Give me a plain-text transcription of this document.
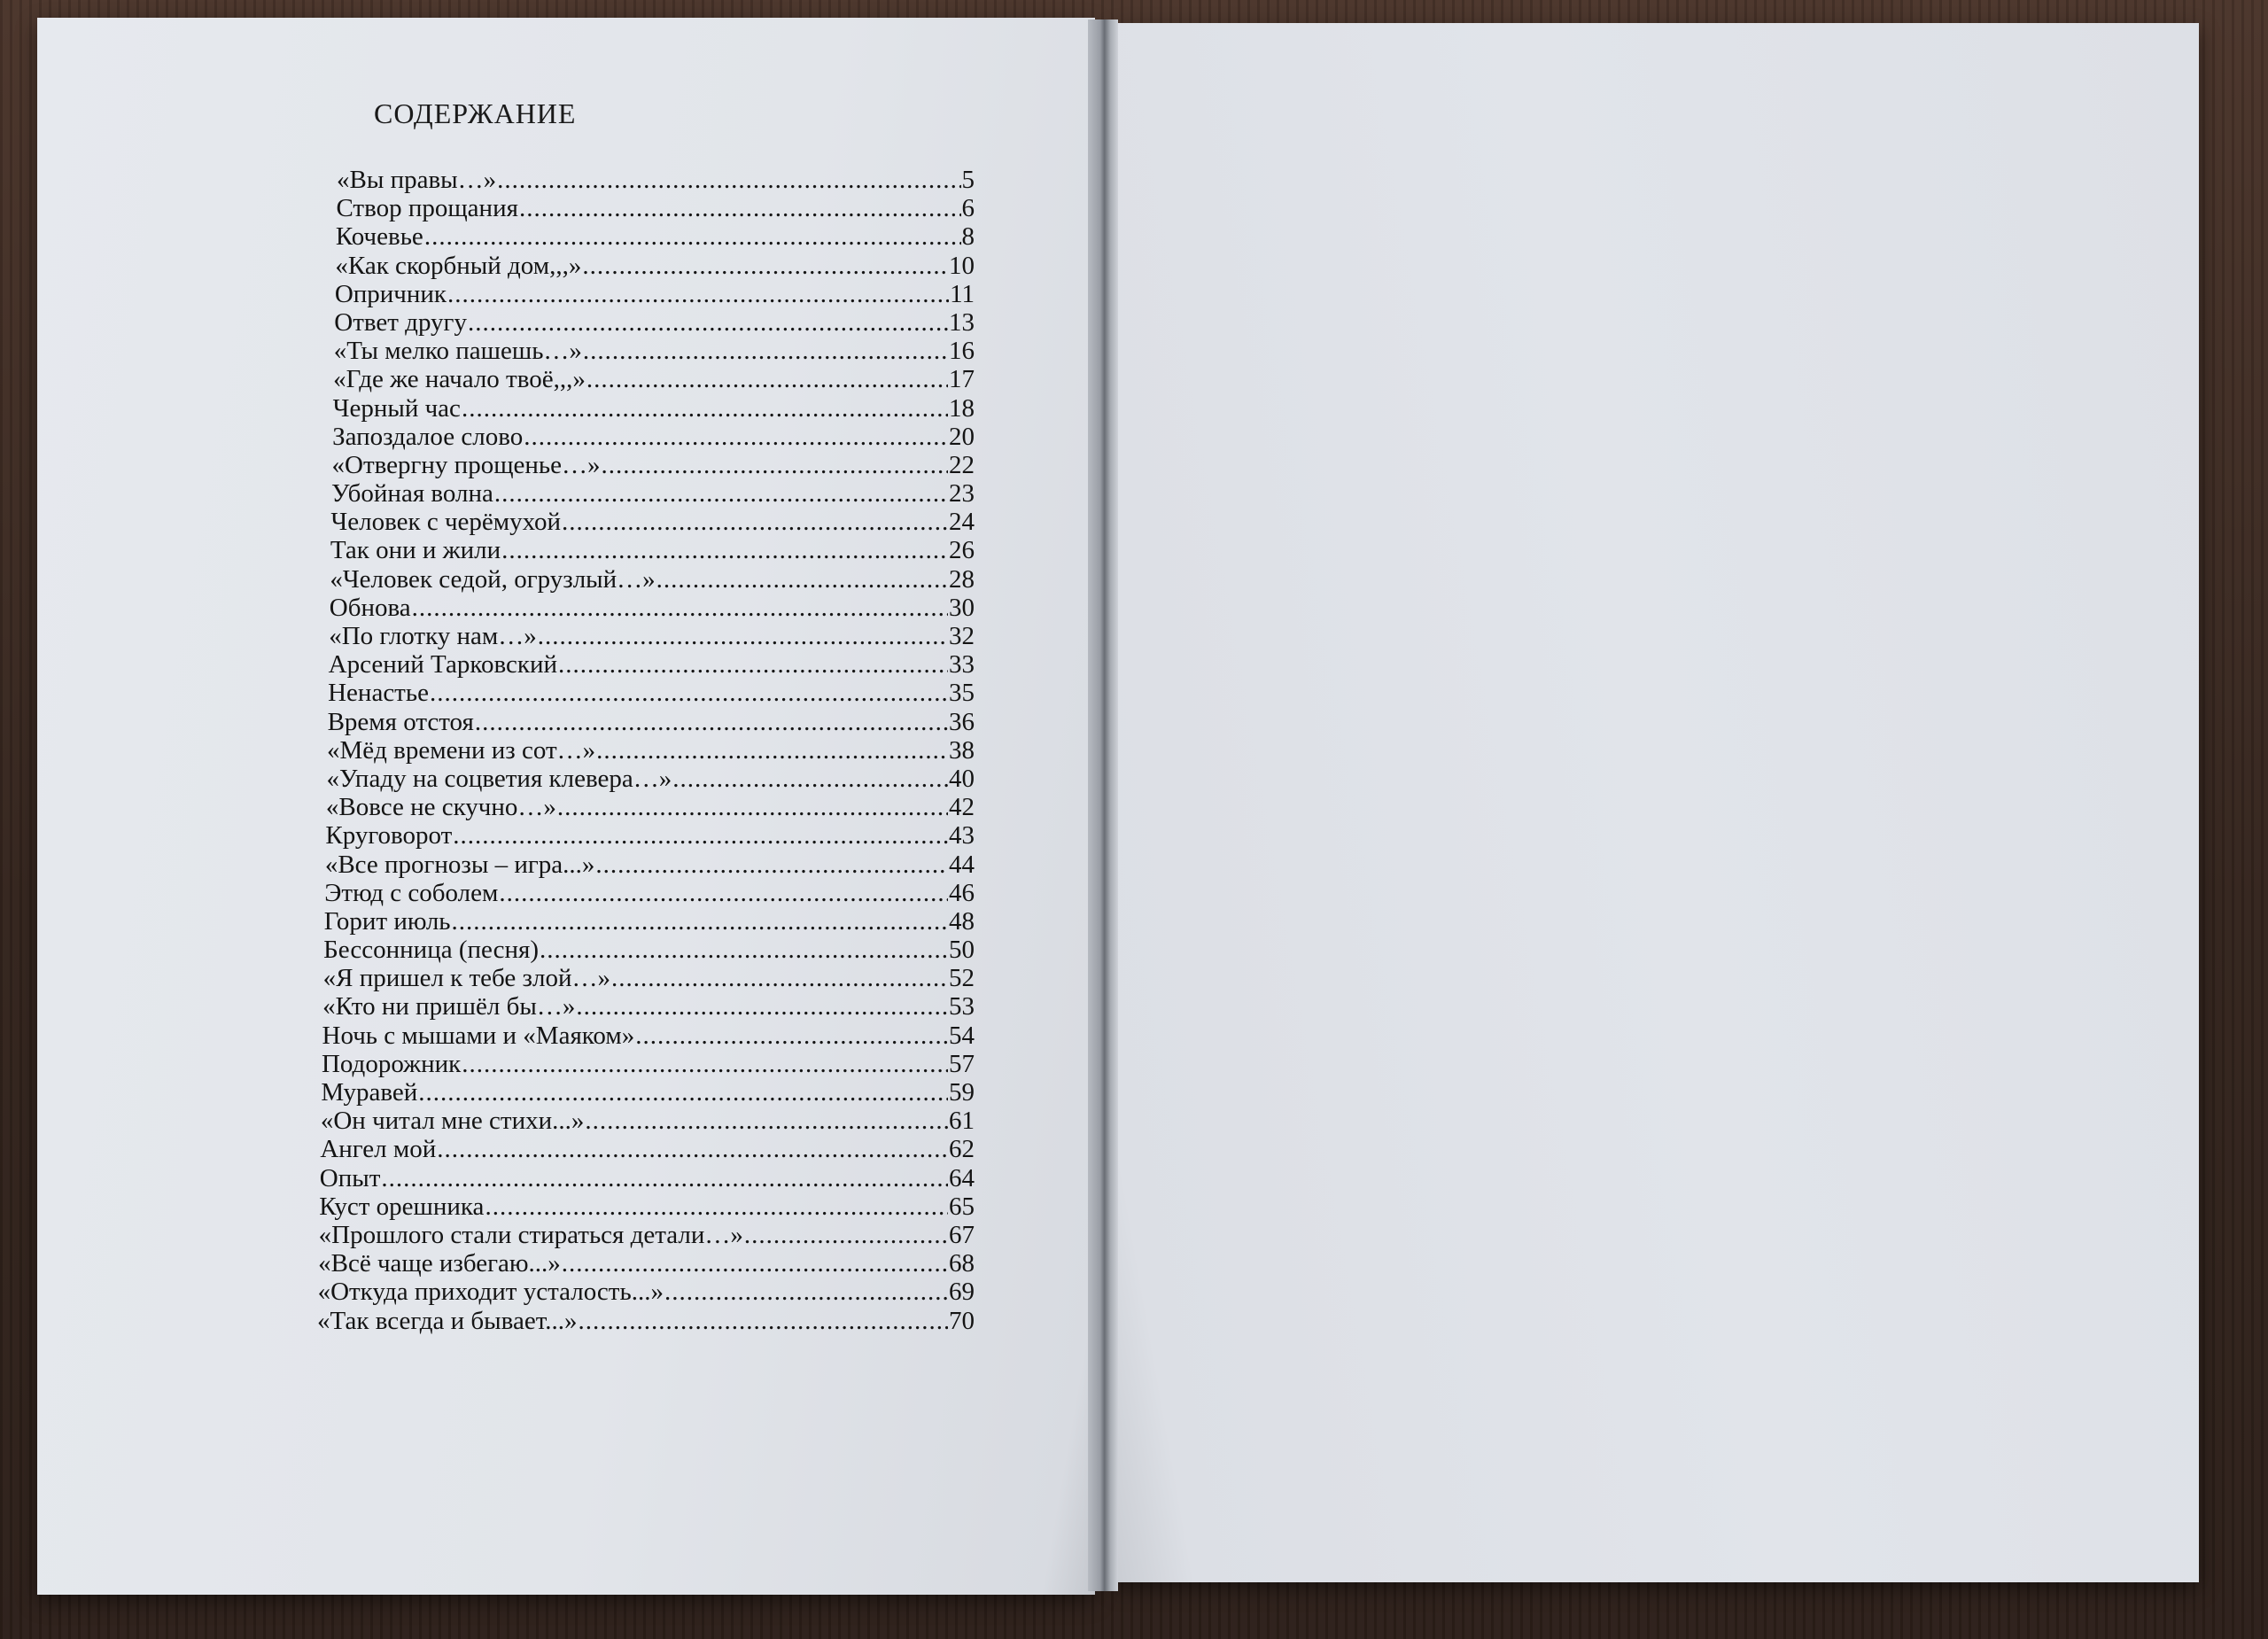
СОДЕРЖАНИЕ
«Вы правы…» .....	5
Створ прощания .....	6
Кочевье .....	8
«Как скорбный дом,,,» .....	10
Опричник .....	11
Ответ другу .....	13
«Ты мелко пашешь…» .....	16
«Где же начало твоё,,,» .....	17
Черный час .....	18
Запоздалое слово .....	20
«Отвергну прощенье…» .....	22
Убойная волна .....	23
Человек с черёмухой .....	24
Так они и жили .....	26
«Человек седой, огрузлый…» .....	28
Обнова .....	30
«По глотку нам…» .....	32
Арсений Тарковский .....	33
Ненастье .....	35
Время отстоя .....	36
«Мёд времени из сот…» .....	38
«Упаду на соцветия клевера…» .....	40
«Вовсе не скучно…» .....	42
Круговорот .....	43
«Все прогнозы – игра...» .....	44
Этюд с соболем .....	46
Горит июль .....	48
Бессонница (песня) .....	50
«Я пришел к тебе злой…» .....	52
«Кто ни пришёл бы…» .....	53
Ночь с мышами и «Маяком» .....	54
Подорожник .....	57
Муравей .....	59
«Он читал мне стихи...» .....	61
Ангел мой .....	62
Опыт .....	64
Куст орешника .....	65
«Прошлого стали стираться детали…» .....	67
«Всё чаще избегаю...» .....	68
«Откуда приходит усталость...» .....	69
«Так всегда и бывает...» .....	70
